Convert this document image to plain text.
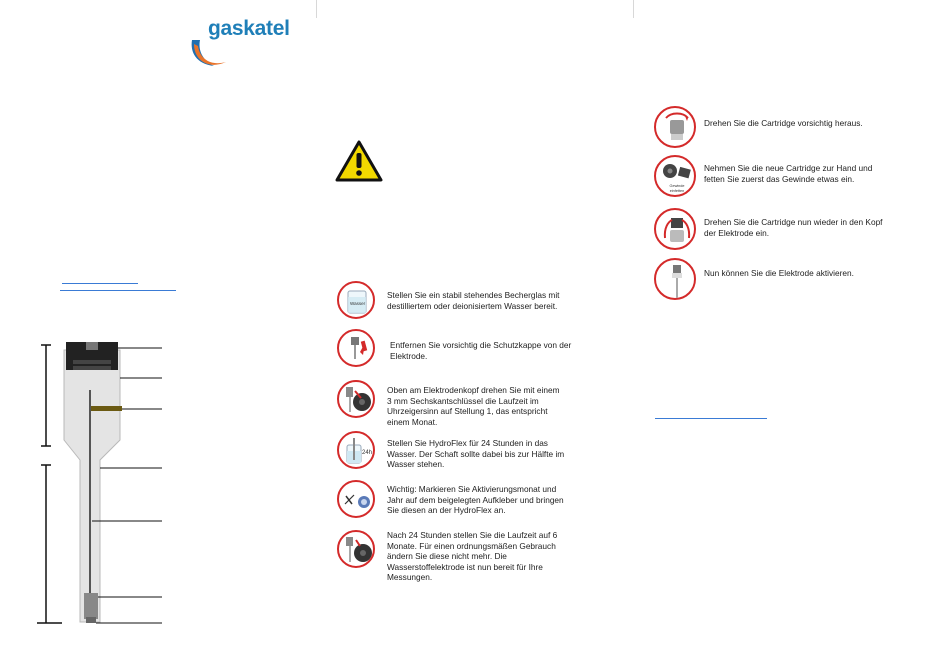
gaskatel
Wasser
Stellen Sie ein stabil stehendes Becherglas mit
destilliertem oder deionisiertem Wasser bereit.
Entfernen Sie vorsichtig die Schutzkappe von der
Elektrode.
Oben am Elektrodenkopf drehen Sie mit einem
3 mm Sechskantschlüssel die Laufzeit im
Uhrzeigersinn auf Stellung 1, das entspricht
einem Monat.
24h
Stellen Sie HydroFlex für 24 Stunden in das
Wasser. Der Schaft sollte dabei bis zur Hälfte im
Wasser stehen.
Wichtig: Markieren Sie Aktivierungsmonat und
Jahr auf dem beigelegten Aufkleber und bringen
Sie diesen an der HydroFlex an.
Nach 24 Stunden stellen Sie die Laufzeit auf 6
Monate. Für einen ordnungsmäßen Gebrauch
ändern Sie diese nicht mehr. Die
Wasserstoffelektrode ist nun bereit für Ihre
Messungen.
Drehen Sie die Cartridge vorsichtig heraus.
Gewinde
einfetten
Nehmen Sie die neue Cartridge zur Hand und
fetten Sie zuerst das Gewinde etwas ein.
Drehen Sie die Cartridge nun wieder in den Kopf
der Elektrode ein.
Nun können Sie die Elektrode aktivieren.
